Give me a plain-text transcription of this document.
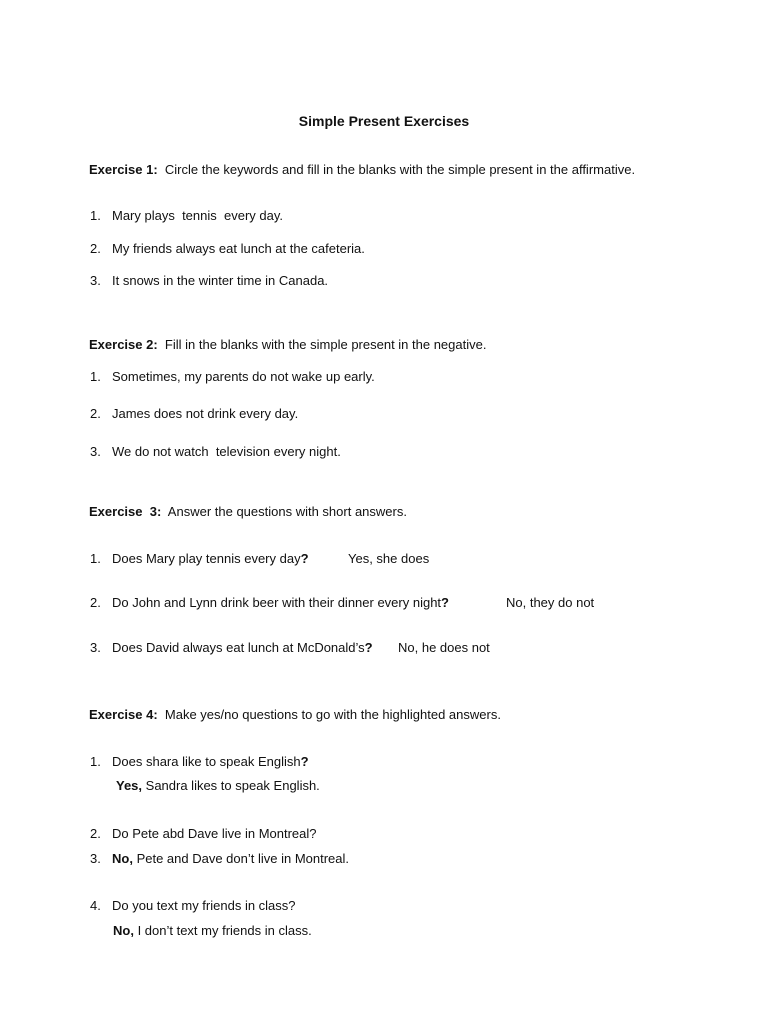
Simple Present Exercises
Exercise 1: Circle the keywords and fill in the blanks with the simple present in the affirmative.
1. Mary plays  tennis  every day.
2. My friends always eat lunch at the cafeteria.
3. It snows in the winter time in Canada.
Exercise 2: Fill in the blanks with the simple present in the negative.
1. Sometimes, my parents do not wake up early.
2. James does not drink every day.
3. We do not watch  television every night.
Exercise  3: Answer the questions with short answers.
1. Does Mary play tennis every day?	Yes, she does
2. Do John and Lynn drink beer with their dinner every night?	No, they do not
3. Does David always eat lunch at McDonald’s? No, he does not
Exercise 4: Make yes/no questions to go with the highlighted answers.
1. Does shara like to speak English?
Yes, Sandra likes to speak English.
2. Do Pete abd Dave live in Montreal?
3. No, Pete and Dave don’t live in Montreal.
4. Do you text my friends in class?
No, I don’t text my friends in class.
